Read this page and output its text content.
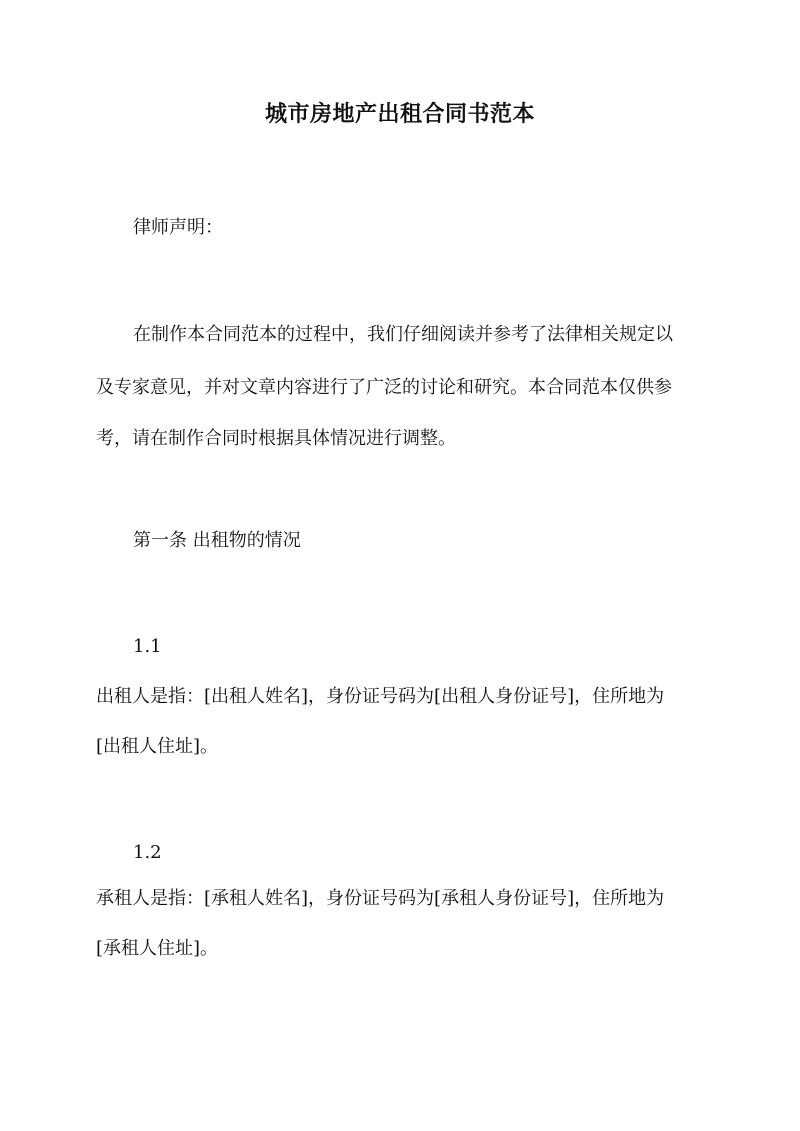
城市房地产出租合同书范本
律师声明：
在制作本合同范本的过程中，我们仔细阅读并参考了法律相关规定以
及专家意见，并对文章内容进行了广泛的讨论和研究。本合同范本仅供参
考，请在制作合同时根据具体情况进行调整。
第一条 出租物的情况
1.1
出租人是指：[出租人姓名]，身份证号码为[出租人身份证号]，住所地为
[出租人住址]。
1.2
承租人是指：[承租人姓名]，身份证号码为[承租人身份证号]，住所地为
[承租人住址]。
